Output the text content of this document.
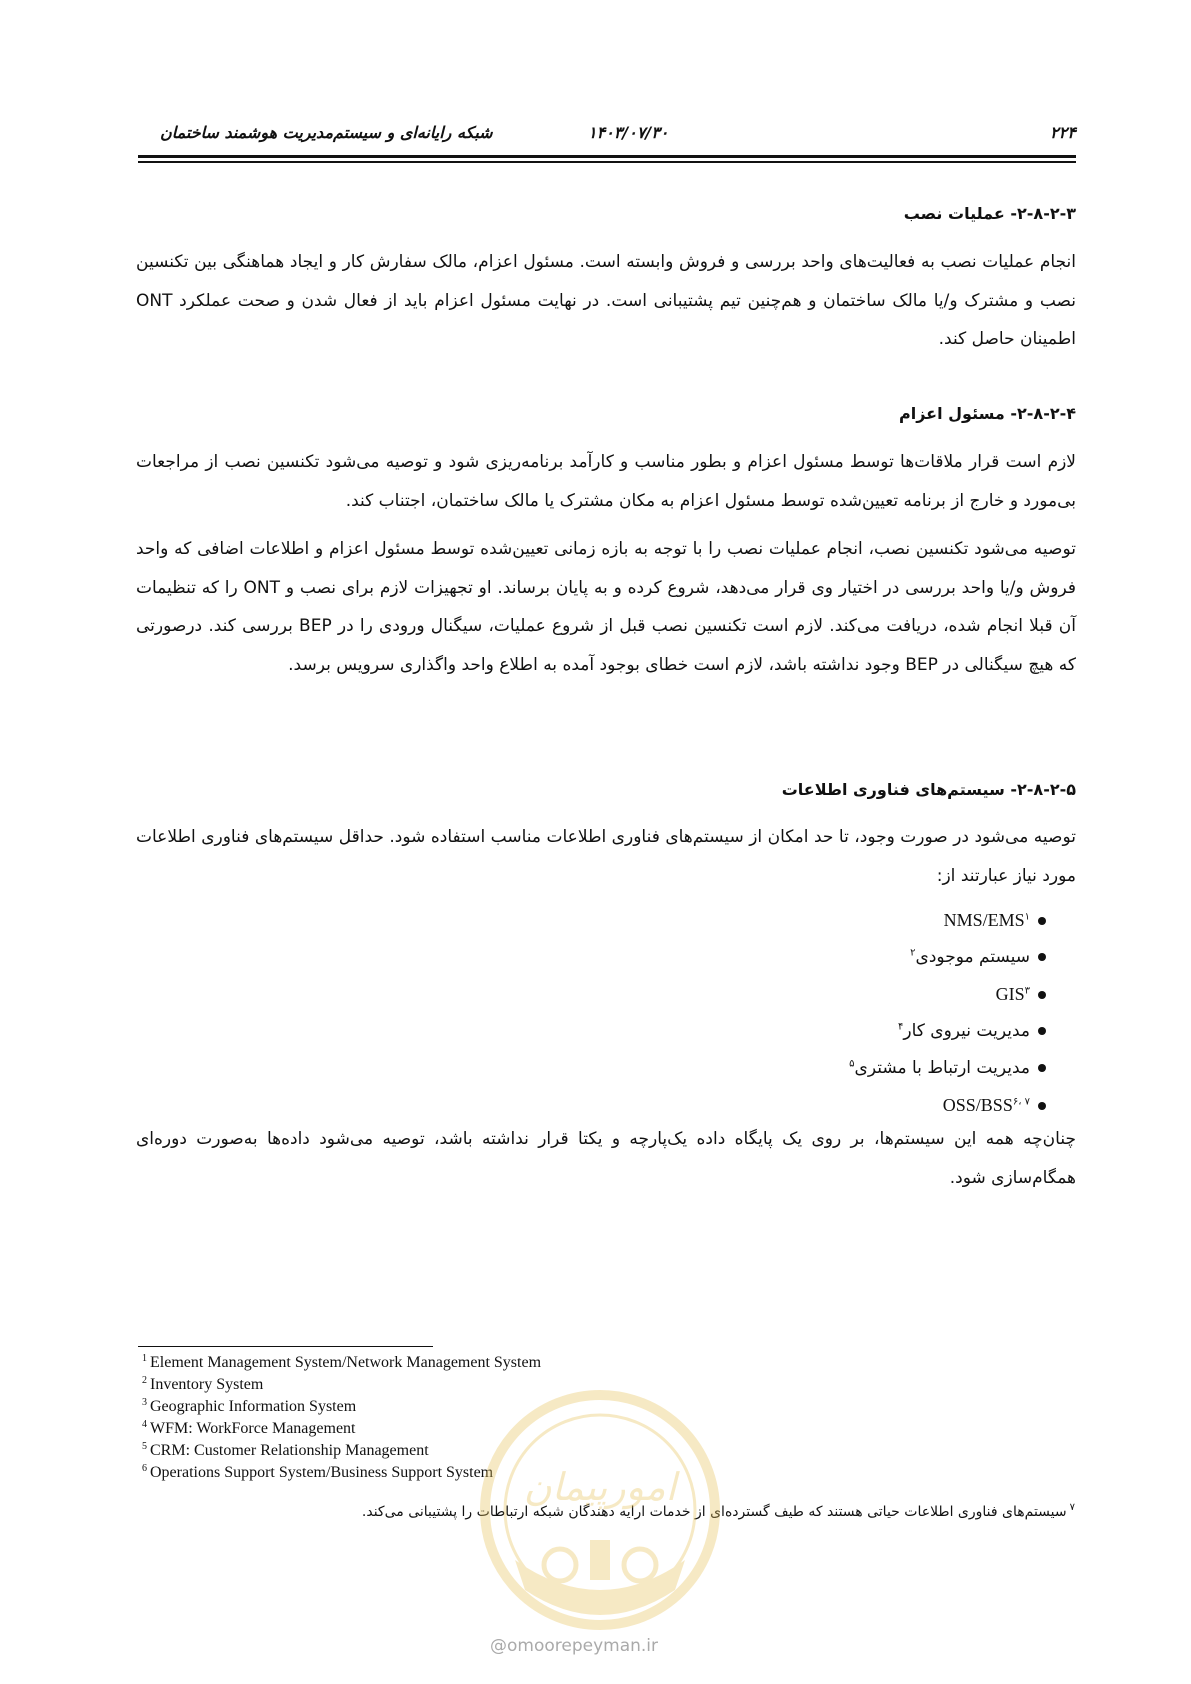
۲۲۴
۱۴۰۳/۰۷/۳۰
شبکه رایانه‌ای و سیستم‌مدیریت هوشمند ساختمان
۲-۸-۲-۳- عملیات نصب
انجام عملیات نصب به فعالیت‌های واحد بررسی و فروش وابسته است. مسئول اعزام، مالک سفارش کار و ایجاد هماهنگی بین تکنسین نصب و مشترک و/یا مالک ساختمان و هم‌چنین تیم پشتیبانی است. در نهایت مسئول اعزام باید از فعال شدن و صحت عملکرد ONT اطمینان حاصل کند.
۲-۸-۲-۴- مسئول اعزام
لازم است قرار ملاقات‌ها توسط مسئول اعزام و بطور مناسب و کارآمد برنامه‌ریزی شود و توصیه می‌شود تکنسین نصب از مراجعات بی‌مورد و خارج از برنامه تعیین‌شده توسط مسئول اعزام به مکان مشترک یا مالک ساختمان، اجتناب کند.
توصیه می‌شود تکنسین نصب، انجام عملیات نصب را با توجه به بازه زمانی تعیین‌شده توسط مسئول اعزام و اطلاعات اضافی که واحد فروش و/یا واحد بررسی در اختیار وی قرار می‌دهد، شروع کرده و به پایان برساند. او تجهیزات لازم برای نصب و ONT را که تنظیمات آن قبلا انجام شده، دریافت می‌کند. لازم است تکنسین نصب قبل از شروع عملیات، سیگنال ورودی را در BEP بررسی کند. درصورتی که هیچ سیگنالی در BEP وجود نداشته باشد، لازم است خطای بوجود آمده به اطلاع واحد واگذاری سرویس برسد.
۲-۸-۲-۵- سیستم‌های فناوری اطلاعات
توصیه می‌شود در صورت وجود، تا حد امکان از سیستم‌های فناوری اطلاعات مناسب استفاده شود. حداقل سیستم‌های فناوری اطلاعات مورد نیاز عبارتند از:
NMS/EMS$^۱$
سیستم موجودی$^۲$
GIS$^۳$
مدیریت نیروی کار$^۴$
مدیریت ارتباط با مشتری$^۵$
OSS/BSS$^{۶، ۷}$
چنان‌چه همه این سیستم‌ها، بر روی یک پایگاه داده یک‌پارچه و یکتا قرار نداشته باشد، توصیه می‌شود داده‌ها به‌صورت دوره‌ای همگام‌سازی شود.
$^1$ Element Management System/Network Management System
$^2$ Inventory System
$^3$ Geographic Information System
$^4$ WFM: WorkForce Management
$^5$ CRM: Customer Relationship Management
$^6$ Operations Support System/Business Support System
$^۷$سیستم‌های فناوری اطلاعات حیاتی هستند که طیف گسترده‌ای از خدمات ارایه دهندگان شبکه ارتباطات را پشتیبانی می‌کند.
امورپیمان
@omoorepeyman.ir
